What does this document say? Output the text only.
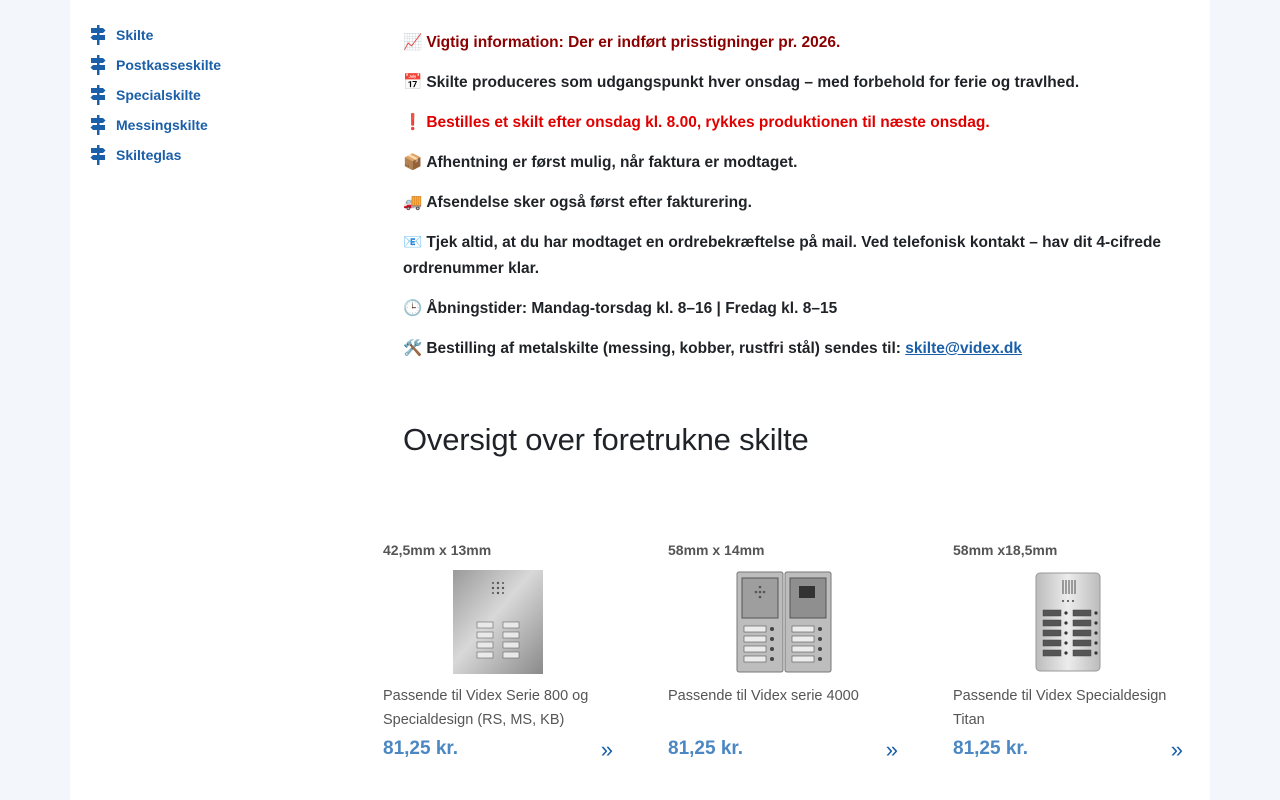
Skilte
Postkasseskilte
Specialskilte
Messingskilte
Skilteglas

📈 Vigtig information: Der er indført prisstigninger pr. 2026.

📅 Skilte produceres som udgangspunkt hver onsdag – med forbehold for ferie og travlhed.

❗ Bestilles et skilt efter onsdag kl. 8.00, rykkes produktionen til næste onsdag.

📦 Afhentning er først mulig, når faktura er modtaget.

🚚 Afsendelse sker også først efter fakturering.

📧 Tjek altid, at du har modtaget en ordrebekræftelse på mail. Ved telefonisk kontakt – hav dit 4-cifrede ordrenummer klar.

🕒 Åbningstider: Mandag-torsdag kl. 8–16 | Fredag kl. 8–15

🛠️ Bestilling af metalskilte (messing, kobber, rustfri stål) sendes til: skilte@videx.dk

Oversigt over foretrukne skilte

42,5mm x 13mm

Passende til Videx Serie 800 og Specialdesign (RS, MS, KB)
81,25 kr.	»

58mm x 14mm

Passende til Videx serie 4000
81,25 kr.	»

58mm x18,5mm

Passende til Videx Specialdesign Titan
81,25 kr.	»
